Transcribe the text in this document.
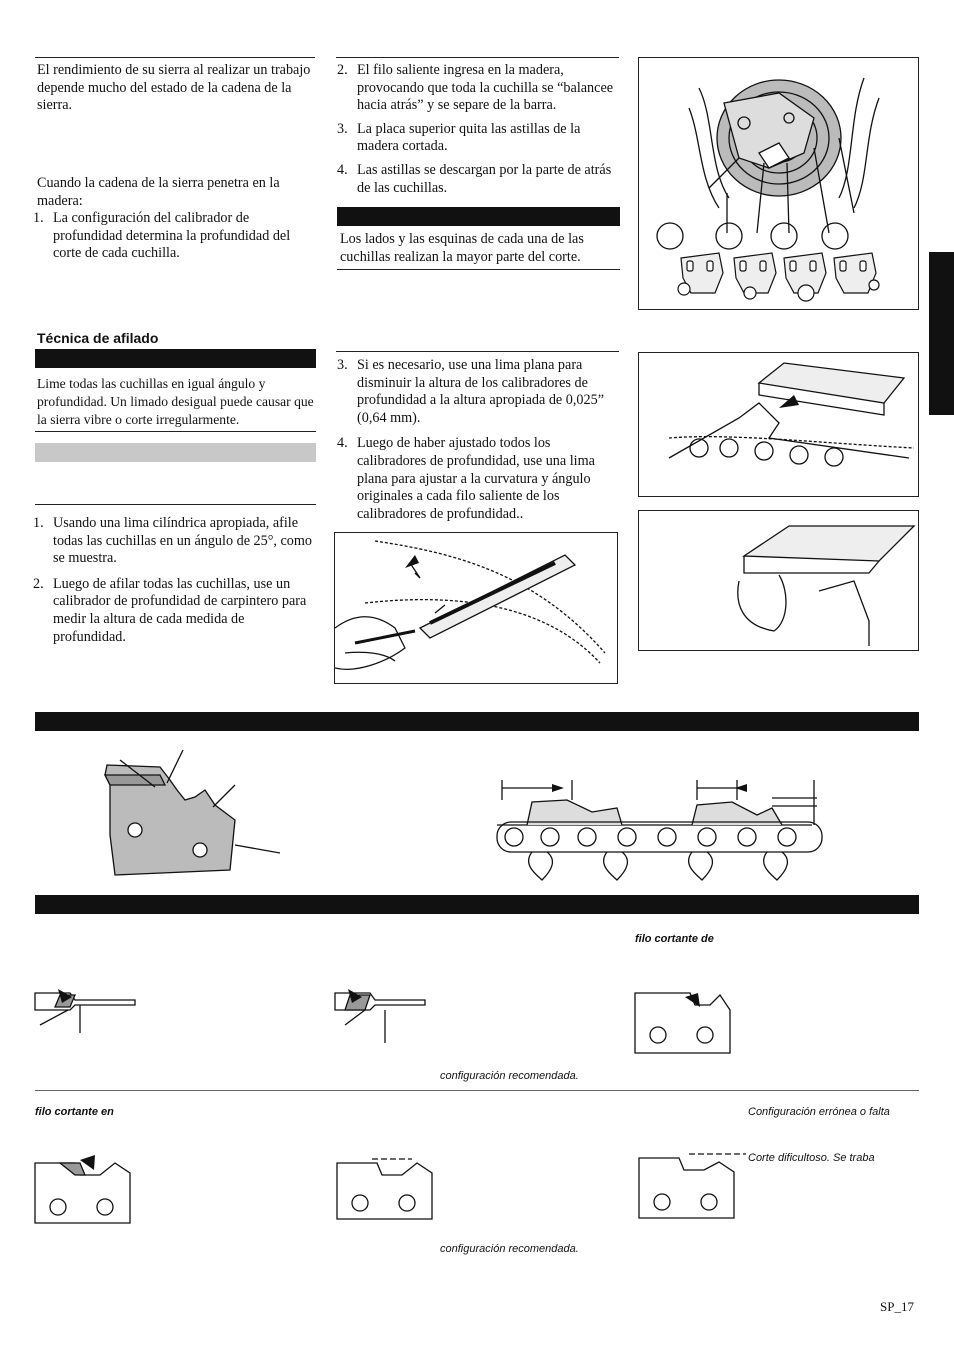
El rendimiento de su sierra al realizar un trabajo depende mucho del estado de la cadena de la sierra.
Cuando la cadena de la sierra penetra en la madera:
1. La configuración del calibrador de profundidad determina la profundidad del corte de cada cuchilla.
2. El filo saliente ingresa en la madera, provocando que toda la cuchilla se “balancee hacia atrás” y se separe de la barra.
3. La placa superior quita las astillas de la madera cortada.
4. Las astillas se descargan por la parte de atrás de las cuchillas.
Los lados y las esquinas de cada una de las cuchillas realizan la mayor parte del corte.
Técnica de afilado
Lime todas las cuchillas en igual ángulo y profundidad. Un limado desigual puede causar que la sierra vibre o corte irregularmente.
1. Usando una lima cilíndrica apropiada, afile todas las cuchillas en un ángulo de 25°, como se muestra.
2. Luego de afilar todas las cuchillas, use un calibrador de profundidad de carpintero para medir la altura de cada medida de profundidad.
3. Si es necesario, use una lima plana para disminuir la altura de los calibradores de profundidad a la altura apropiada de 0,025” (0,64 mm).
4. Luego de haber ajustado todos los calibradores de profundidad, use una lima plana para ajustar a la curvatura y ángulo originales a cada filo saliente de los calibradores de profundidad..
filo cortante de
configuración recomendada.
filo cortante en	Configuración errónea o falta
Corte dificultoso. Se traba
configuración recomendada.
SP_17
